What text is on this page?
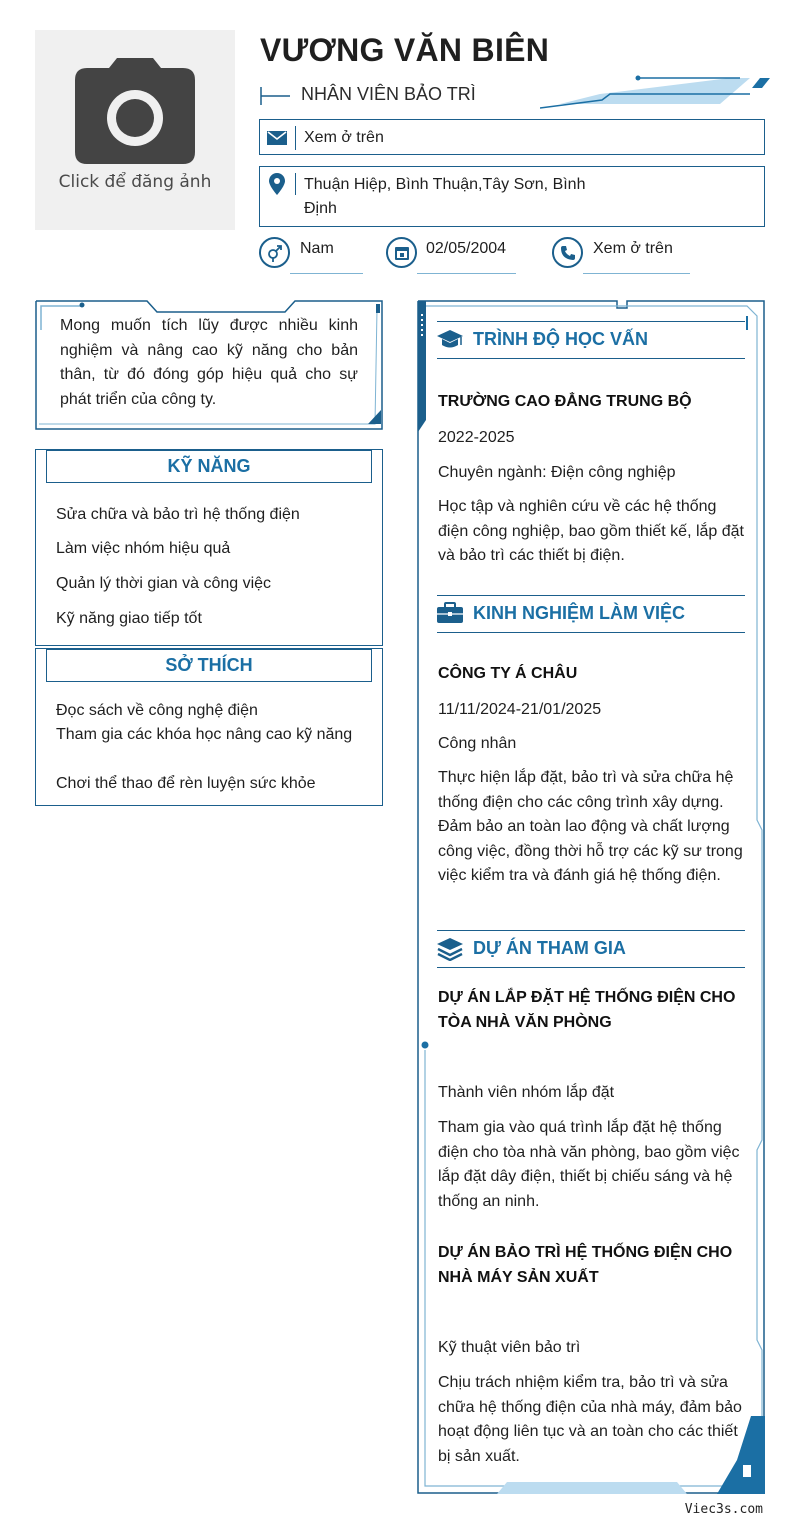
Click để đăng ảnh
VƯƠNG VĂN BIÊN
NHÂN VIÊN BẢO TRÌ
Xem ở trên
Thuận Hiệp, Bình Thuận,Tây Sơn, Bình
Định
Nam	02/05/2004	Xem ở trên
Mong muốn tích lũy được nhiều kinh nghiệm và nâng cao kỹ năng cho bản thân, từ đó đóng góp hiệu quả cho sự phát triển của công ty.
KỸ NĂNG
Sửa chữa và bảo trì hệ thống điện
Làm việc nhóm hiệu quả
Quản lý thời gian và công việc
Kỹ năng giao tiếp tốt
SỞ THÍCH
Đọc sách về công nghệ điện
Tham gia các khóa học nâng cao kỹ năng
Chơi thể thao để rèn luyện sức khỏe
TRÌNH ĐỘ HỌC VẤN
TRƯỜNG CAO ĐẲNG TRUNG BỘ
2022-2025
Chuyên ngành: Điện công nghiệp
Học tập và nghiên cứu về các hệ thống điện công nghiệp, bao gồm thiết kế, lắp đặt và bảo trì các thiết bị điện.
KINH NGHIỆM LÀM VIỆC
CÔNG TY Á CHÂU
11/11/2024-21/01/2025
Công nhân
Thực hiện lắp đặt, bảo trì và sửa chữa hệ thống điện cho các công trình xây dựng. Đảm bảo an toàn lao động và chất lượng công việc, đồng thời hỗ trợ các kỹ sư trong việc kiểm tra và đánh giá hệ thống điện.
DỰ ÁN THAM GIA
DỰ ÁN LẮP ĐẶT HỆ THỐNG ĐIỆN CHO TÒA NHÀ VĂN PHÒNG
Thành viên nhóm lắp đặt
Tham gia vào quá trình lắp đặt hệ thống điện cho tòa nhà văn phòng, bao gồm việc lắp đặt dây điện, thiết bị chiếu sáng và hệ thống an ninh.
DỰ ÁN BẢO TRÌ HỆ THỐNG ĐIỆN CHO NHÀ MÁY SẢN XUẤT
Kỹ thuật viên bảo trì
Chịu trách nhiệm kiểm tra, bảo trì và sửa chữa hệ thống điện của nhà máy, đảm bảo hoạt động liên tục và an toàn cho các thiết bị sản xuất.
Viec3s.com
